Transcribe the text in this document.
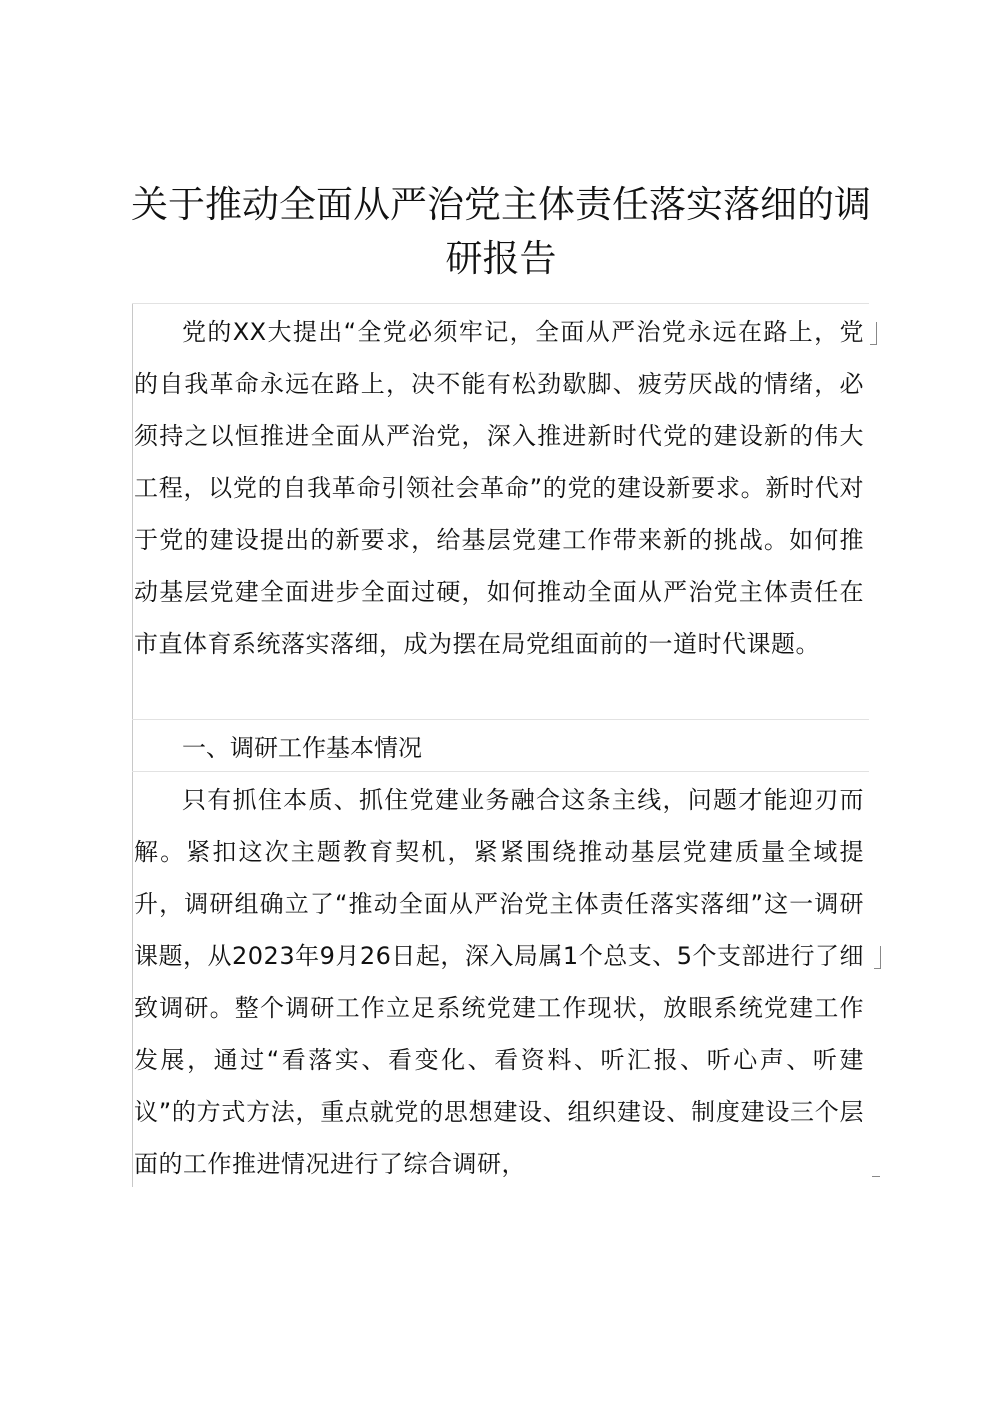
关于推动全面从严治党主体责任落实落细的调研报告

党的XX大提出“全党必须牢记，全面从严治党永远在路上，党的自我革命永远在路上，决不能有松劲歇脚、疲劳厌战的情绪，必须持之以恒推进全面从严治党，深入推进新时代党的建设新的伟大工程，以党的自我革命引领社会革命”的党的建设新要求。新时代对于党的建设提出的新要求，给基层党建工作带来新的挑战。如何推动基层党建全面进步全面过硬，如何推动全面从严治党主体责任在市直体育系统落实落细，成为摆在局党组面前的一道时代课题。

一、调研工作基本情况

只有抓住本质、抓住党建业务融合这条主线，问题才能迎刃而解。紧扣这次主题教育契机，紧紧围绕推动基层党建质量全域提升，调研组确立了“推动全面从严治党主体责任落实落细”这一调研课题，从2023年9月26日起，深入局属1个总支、5个支部进行了细致调研。整个调研工作立足系统党建工作现状，放眼系统党建工作发展，通过“看落实、看变化、看资料、听汇报、听心声、听建议”的方式方法，重点就党的思想建设、组织建设、制度建设三个层面的工作推进情况进行了综合调研，
